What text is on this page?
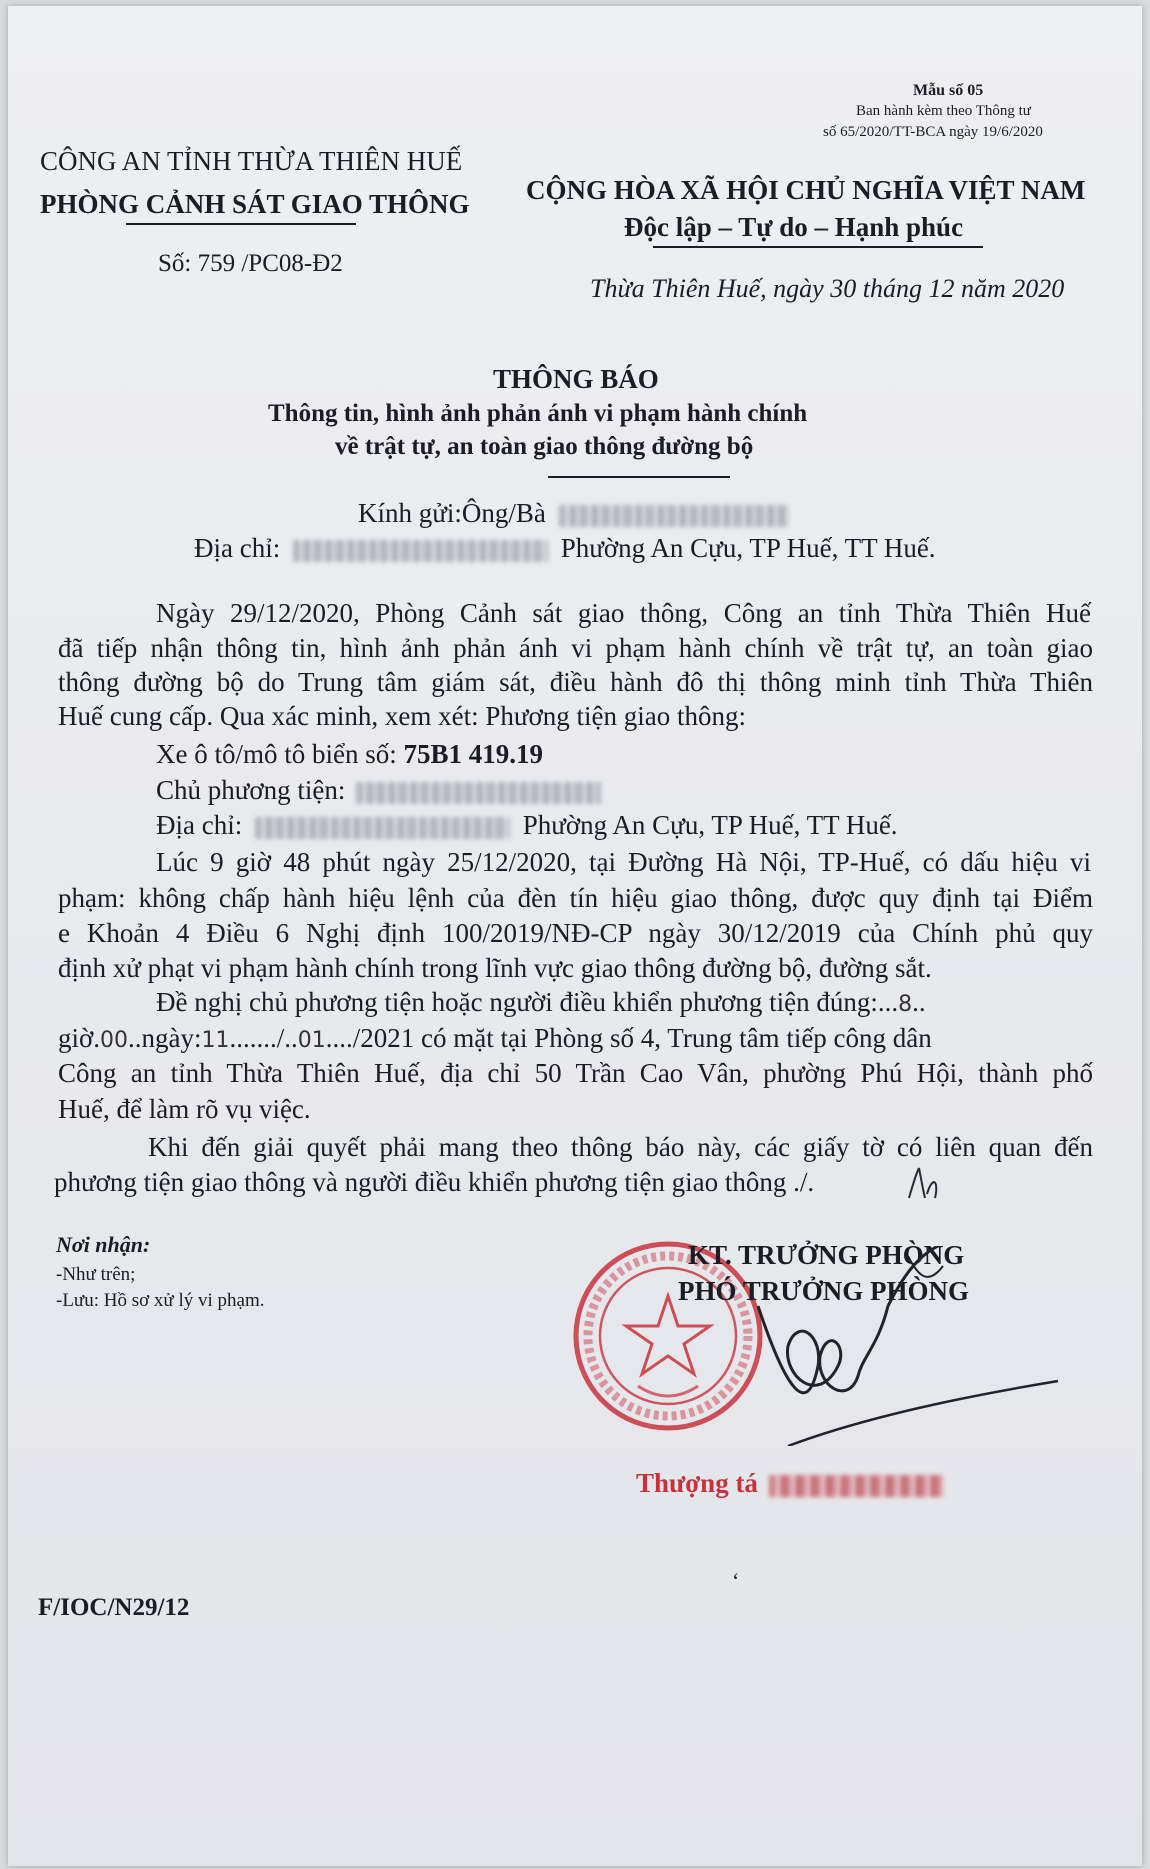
Mẫu số 05
Ban hành kèm theo Thông tư
số 65/2020/TT-BCA ngày 19/6/2020
CÔNG AN TỈNH THỪA THIÊN HUẾ
PHÒNG CẢNH SÁT GIAO THÔNG
Số: 759 /PC08-Đ2
CỘNG HÒA XÃ HỘI CHỦ NGHĨA VIỆT NAM
Độc lập – Tự do – Hạnh phúc
Thừa Thiên Huế, ngày 30 tháng 12 năm 2020
THÔNG BÁO
Thông tin, hình ảnh phản ánh vi phạm hành chính
về trật tự, an toàn giao thông đường bộ
Kính gửi:Ông/Bà
Địa chỉ:	Phường An Cựu, TP Huế, TT Huế.
Ngày 29/12/2020, Phòng Cảnh sát giao thông, Công an tỉnh Thừa Thiên Huế
đã tiếp nhận thông tin, hình ảnh phản ánh vi phạm hành chính về trật tự, an toàn giao
thông đường bộ do Trung tâm giám sát, điều hành đô thị thông minh tỉnh Thừa Thiên
Huế cung cấp. Qua xác minh, xem xét: Phương tiện giao thông:
Xe ô tô/mô tô biển số: 75B1 419.19
Chủ phương tiện:
Địa chỉ:	Phường An Cựu, TP Huế, TT Huế.
Lúc 9 giờ 48 phút ngày 25/12/2020, tại Đường Hà Nội, TP-Huế, có dấu hiệu vi
phạm: không chấp hành hiệu lệnh của đèn tín hiệu giao thông, được quy định tại Điểm
e Khoản 4 Điều 6 Nghị định 100/2019/NĐ-CP ngày 30/12/2019 của Chính phủ quy
định xử phạt vi phạm hành chính trong lĩnh vực giao thông đường bộ, đường sắt.
Đề nghị chủ phương tiện hoặc người điều khiển phương tiện đúng:...8..
giờ.00..ngày:11......./..01..../2021 có mặt tại Phòng số 4, Trung tâm tiếp công dân
Công an tỉnh Thừa Thiên Huế, địa chỉ 50 Trần Cao Vân, phường Phú Hội, thành phố
Huế, để làm rõ vụ việc.
Khi đến giải quyết phải mang theo thông báo này, các giấy tờ có liên quan đến
phương tiện giao thông và người điều khiển phương tiện giao thông ./.
Nơi nhận:
-Như trên;
-Lưu: Hồ sơ xử lý vi phạm.
KT. TRƯỞNG PHÒNG
PHÓ TRƯỞNG PHÒNG
Thượng tá
ʻ
F/IOC/N29/12
